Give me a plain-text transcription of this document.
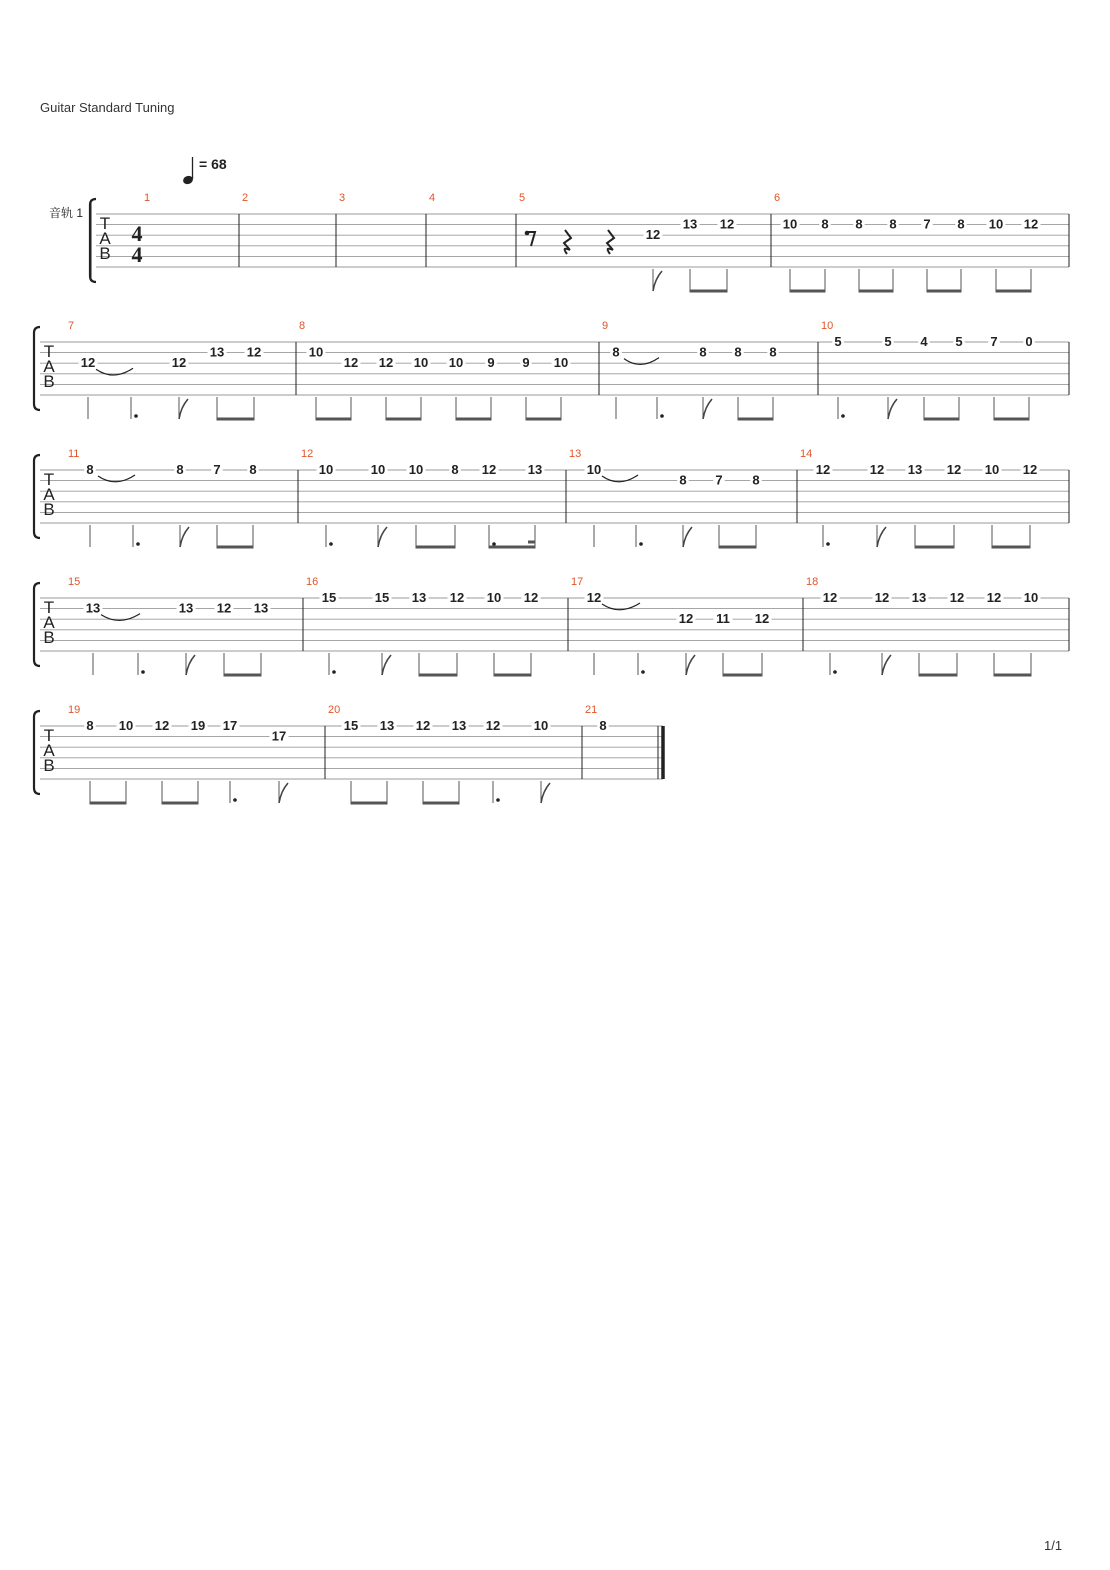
Guitar Standard Tuning
1/1
= 68
音轨 1
T
A
B
4
4
1	2	3	4	5
12
13 12
6
10 8 8 8 7 8 10 12
T
A
B
7
12	12
13 12
8
10
12 12 10 10 9 9 10
9
8	8 8 8
10
5	5 4 5 7 0
T
A
B
11
8	8 7 8
12
10	10 10 8 12 13
13
10
8 7 8
14
12	12 13 12 10 12
T
A
B
15
13	13 12 13
16
15	15 13 12 10 12
17
12
12 11 12
18
12	12 13 12 12 10
T
A
B
19
8 10 12 19 17
17
20
15 13 12 13 12	10
21
8
